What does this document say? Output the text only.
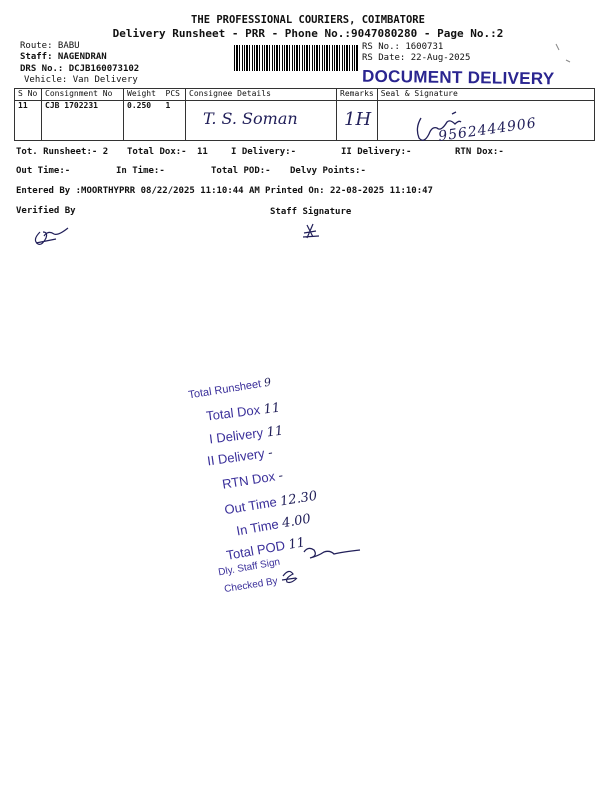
THE PROFESSIONAL COURIERS, COIMBATORE
Delivery Runsheet - PRR - Phone No.:9047080280 - Page No.:2
Route: BABU
Staff: NAGENDRAN
DRS No.: DCJB160073102
Vehicle: Van Delivery
RS No.: 1600731
RS Date: 22-Aug-2025
DOCUMENT DELIVERY
S No	Consignment No	Weight PCS	Consignee Details	Remarks	Seal & Signature
11	CJB 1702231	0.250 1	T. S. Soman	1H	9562444906
Tot. Runsheet:- 2 Total Dox:- 11	I Delivery:-	II Delivery:-	RTN Dox:-
Out Time:-	In Time:-	Total POD:- Delvy Points:-
Entered By :MOORTHYPRR 08/22/2025 11:10:44 AM Printed On: 22-08-2025 11:10:47
Verified By	Staff Signature
Total Runsheet 9
Total Dox 11
I Delivery 11
II Delivery -
RTN Dox -
Out Time 12.30
In Time 4.00
Total POD 11
Dly. Staff Sign
Checked By
